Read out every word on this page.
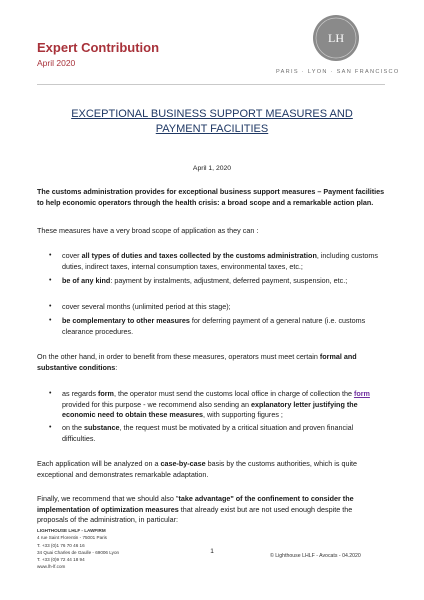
Expert Contribution
April 2020
LH
PARIS · LYON · SAN FRANCISCO
EXCEPTIONAL BUSINESS SUPPORT MEASURES AND PAYMENT FACILITIES
April 1, 2020
The customs administration provides for exceptional business support measures – Payment facilities to help economic operators through the health crisis: a broad scope and a remarkable action plan.
These measures have a very broad scope of application as they can :
• cover all types of duties and taxes collected by the customs administration, including customs duties, indirect taxes, internal consumption taxes, environmental taxes, etc.;
• be of any kind: payment by instalments, adjustment, deferred payment, suspension, etc.;
• cover several months (unlimited period at this stage);
• be complementary to other measures for deferring payment of a general nature (i.e. customs clearance procedures.
On the other hand, in order to benefit from these measures, operators must meet certain formal and substantive conditions:
• as regards form, the operator must send the customs local office in charge of collection the form provided for this purpose - we recommend also sending an explanatory letter justifying the economic need to obtain these measures, with supporting figures ;
• on the substance, the request must be motivated by a critical situation and proven financial difficulties.
Each application will be analyzed on a case-by-case basis by the customs authorities, which is quite exceptional and demonstrates remarkable adaptation.
Finally, we recommend that we should also "take advantage" of the confinement to consider the implementation of optimization measures that already exist but are not used enough despite the proposals of the administration, in particular:
LIGHTHOUSE LHLF - LAWFIRM
4 rue Saint Florentin - 75001 Paris
T. +33 (0)1 76 70 46 16
34 Quai Charles de Gaulle - 69006 Lyon
T. +33 (0)9 72 44 18 94
www.lh-lf.com
1
© Lighthouse LHLF - Avocats - 04.2020
